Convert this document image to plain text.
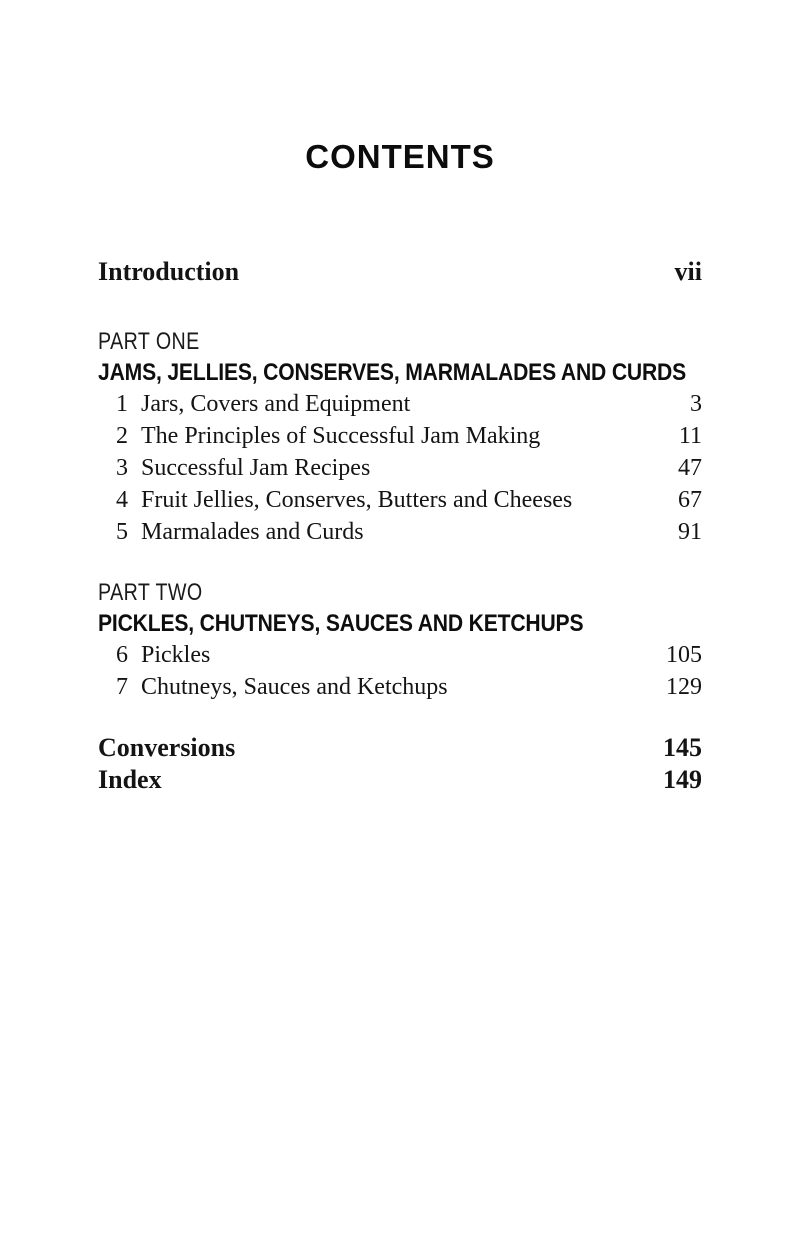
CONTENTS
Introduction	vii
PART ONE
JAMS, JELLIES, CONSERVES, MARMALADES AND CURDS
1 Jars, Covers and Equipment	3
2 The Principles of Successful Jam Making	11
3 Successful Jam Recipes	47
4 Fruit Jellies, Conserves, Butters and Cheeses	67
5 Marmalades and Curds	91
PART TWO
PICKLES, CHUTNEYS, SAUCES AND KETCHUPS
6 Pickles	105
7 Chutneys, Sauces and Ketchups	129
Conversions	145
Index	149
